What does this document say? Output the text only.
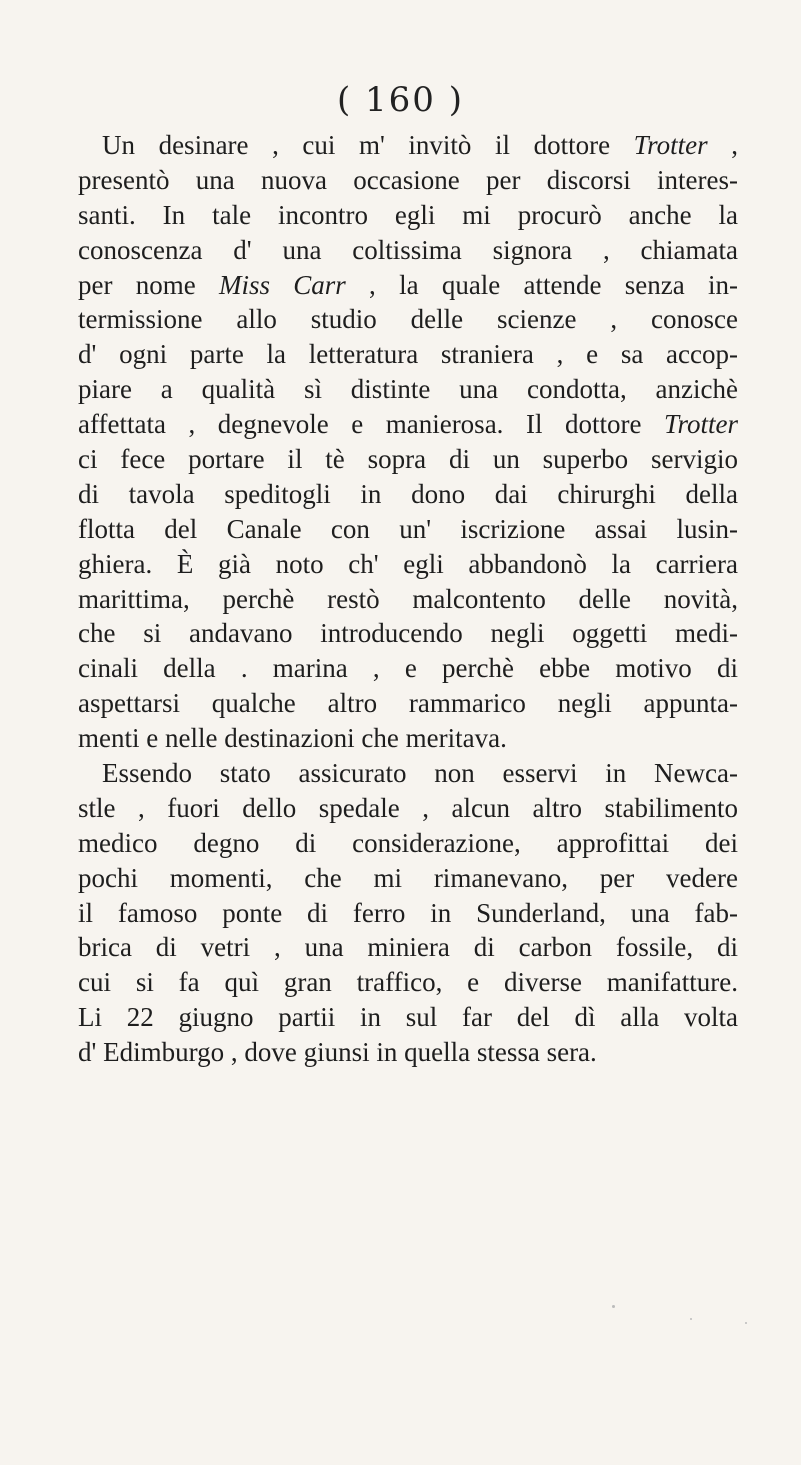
( 160 )
Un desinare , cui m' invitò il dottore Trotter ,
presentò una nuova occasione per discorsi interes-
santi. In tale incontro egli mi procurò anche la
conoscenza d' una coltissima signora , chiamata
per nome Miss Carr , la quale attende senza in-
termissione allo studio delle scienze , conosce
d' ogni parte la letteratura straniera , e sa accop-
piare a qualità sì distinte una condotta, anzichè
affettata , degnevole e manierosa. Il dottore Trotter
ci fece portare il tè sopra di un superbo servigio
di tavola speditogli in dono dai chirurghi della
flotta del Canale con un' iscrizione assai lusin-
ghiera. È già noto ch' egli abbandonò la carriera
marittima, perchè restò malcontento delle novità,
che si andavano introducendo negli oggetti medi-
cinali della . marina , e perchè ebbe motivo di
aspettarsi qualche altro rammarico negli appunta-
menti e nelle destinazioni che meritava.
Essendo stato assicurato non esservi in Newca-
stle , fuori dello spedale , alcun altro stabilimento
medico degno di considerazione, approfittai dei
pochi momenti, che mi rimanevano, per vedere
il famoso ponte di ferro in Sunderland, una fab-
brica di vetri , una miniera di carbon fossile, di
cui si fa quì gran traffico, e diverse manifatture.
Li 22 giugno partii in sul far del dì alla volta
d' Edimburgo , dove giunsi in quella stessa sera.
